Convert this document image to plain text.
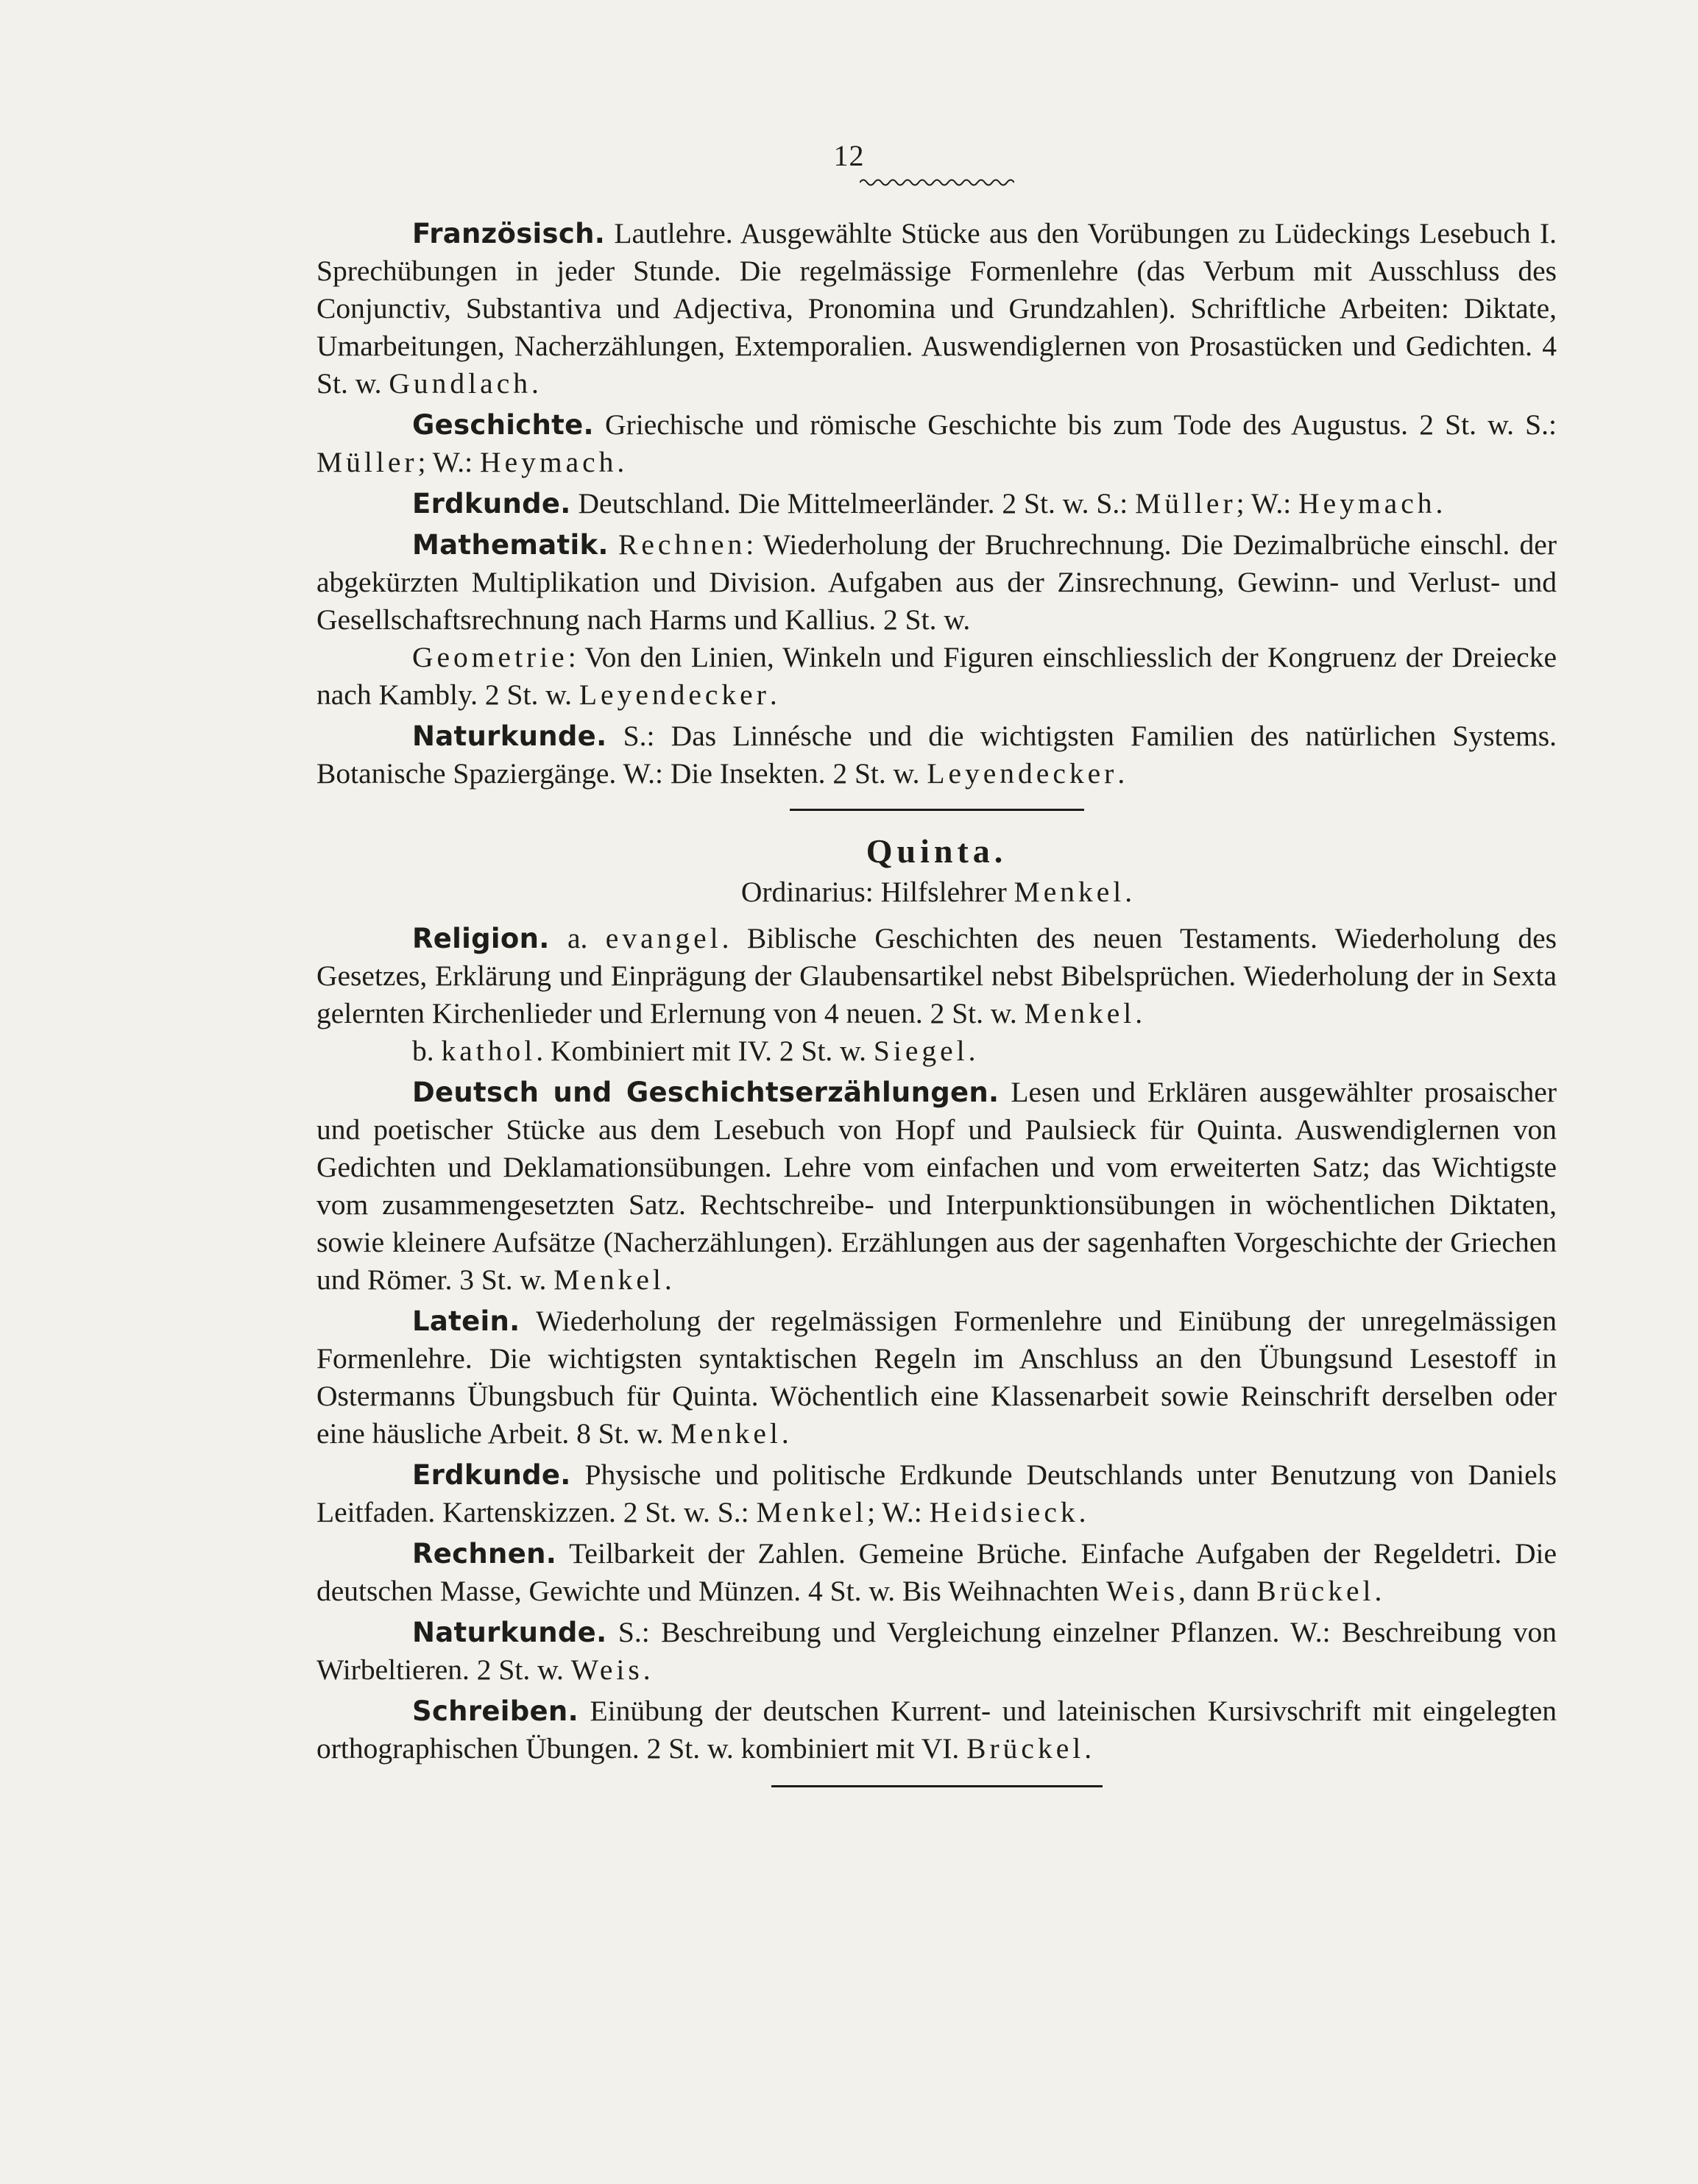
12

Französisch. Lautlehre. Ausgewählte Stücke aus den Vorübungen zu Lüdeckings Lesebuch I. Sprechübungen in jeder Stunde. Die regelmässige Formenlehre (das Verbum mit Ausschluss des Conjunctiv, Substantiva und Adjectiva, Pronomina und Grundzahlen). Schriftliche Arbeiten: Diktate, Umarbeitungen, Nacherzählungen, Extemporalien. Auswendiglernen von Prosastücken und Gedichten. 4 St. w. Gundlach.

Geschichte. Griechische und römische Geschichte bis zum Tode des Augustus. 2 St. w. S.: Müller; W.: Heymach.

Erdkunde. Deutschland. Die Mittelmeerländer. 2 St. w. S.: Müller; W.: Heymach.

Mathematik. Rechnen: Wiederholung der Bruchrechnung. Die Dezimalbrüche einschl. der abgekürzten Multiplikation und Division. Aufgaben aus der Zinsrechnung, Gewinn- und Verlust- und Gesellschaftsrechnung nach Harms und Kallius. 2 St. w.

Geometrie: Von den Linien, Winkeln und Figuren einschliesslich der Kongruenz der Dreiecke nach Kambly. 2 St. w. Leyendecker.

Naturkunde. S.: Das Linnésche und die wichtigsten Familien des natürlichen Systems. Botanische Spaziergänge. W.: Die Insekten. 2 St. w. Leyendecker.

Quinta.
Ordinarius: Hilfslehrer Menkel.

Religion. a. evangel. Biblische Geschichten des neuen Testaments. Wiederholung des Gesetzes, Erklärung und Einprägung der Glaubensartikel nebst Bibelsprüchen. Wiederholung der in Sexta gelernten Kirchenlieder und Erlernung von 4 neuen. 2 St. w. Menkel.

b. kathol. Kombiniert mit IV. 2 St. w. Siegel.

Deutsch und Geschichtserzählungen. Lesen und Erklären ausgewählter prosaischer und poetischer Stücke aus dem Lesebuch von Hopf und Paulsieck für Quinta. Auswendiglernen von Gedichten und Deklamationsübungen. Lehre vom einfachen und vom erweiterten Satz; das Wichtigste vom zusammengesetzten Satz. Rechtschreibe- und Interpunktionsübungen in wöchentlichen Diktaten, sowie kleinere Aufsätze (Nacherzählungen). Erzählungen aus der sagenhaften Vorgeschichte der Griechen und Römer. 3 St. w. Menkel.

Latein. Wiederholung der regelmässigen Formenlehre und Einübung der unregelmässigen Formenlehre. Die wichtigsten syntaktischen Regeln im Anschluss an den Übungsund Lesestoff in Ostermanns Übungsbuch für Quinta. Wöchentlich eine Klassenarbeit sowie Reinschrift derselben oder eine häusliche Arbeit. 8 St. w. Menkel.

Erdkunde. Physische und politische Erdkunde Deutschlands unter Benutzung von Daniels Leitfaden. Kartenskizzen. 2 St. w. S.: Menkel; W.: Heidsieck.

Rechnen. Teilbarkeit der Zahlen. Gemeine Brüche. Einfache Aufgaben der Regeldetri. Die deutschen Masse, Gewichte und Münzen. 4 St. w. Bis Weihnachten Weis, dann Brückel.

Naturkunde. S.: Beschreibung und Vergleichung einzelner Pflanzen. W.: Beschreibung von Wirbeltieren. 2 St. w. Weis.

Schreiben. Einübung der deutschen Kurrent- und lateinischen Kursivschrift mit eingelegten orthographischen Übungen. 2 St. w. kombiniert mit VI. Brückel.
